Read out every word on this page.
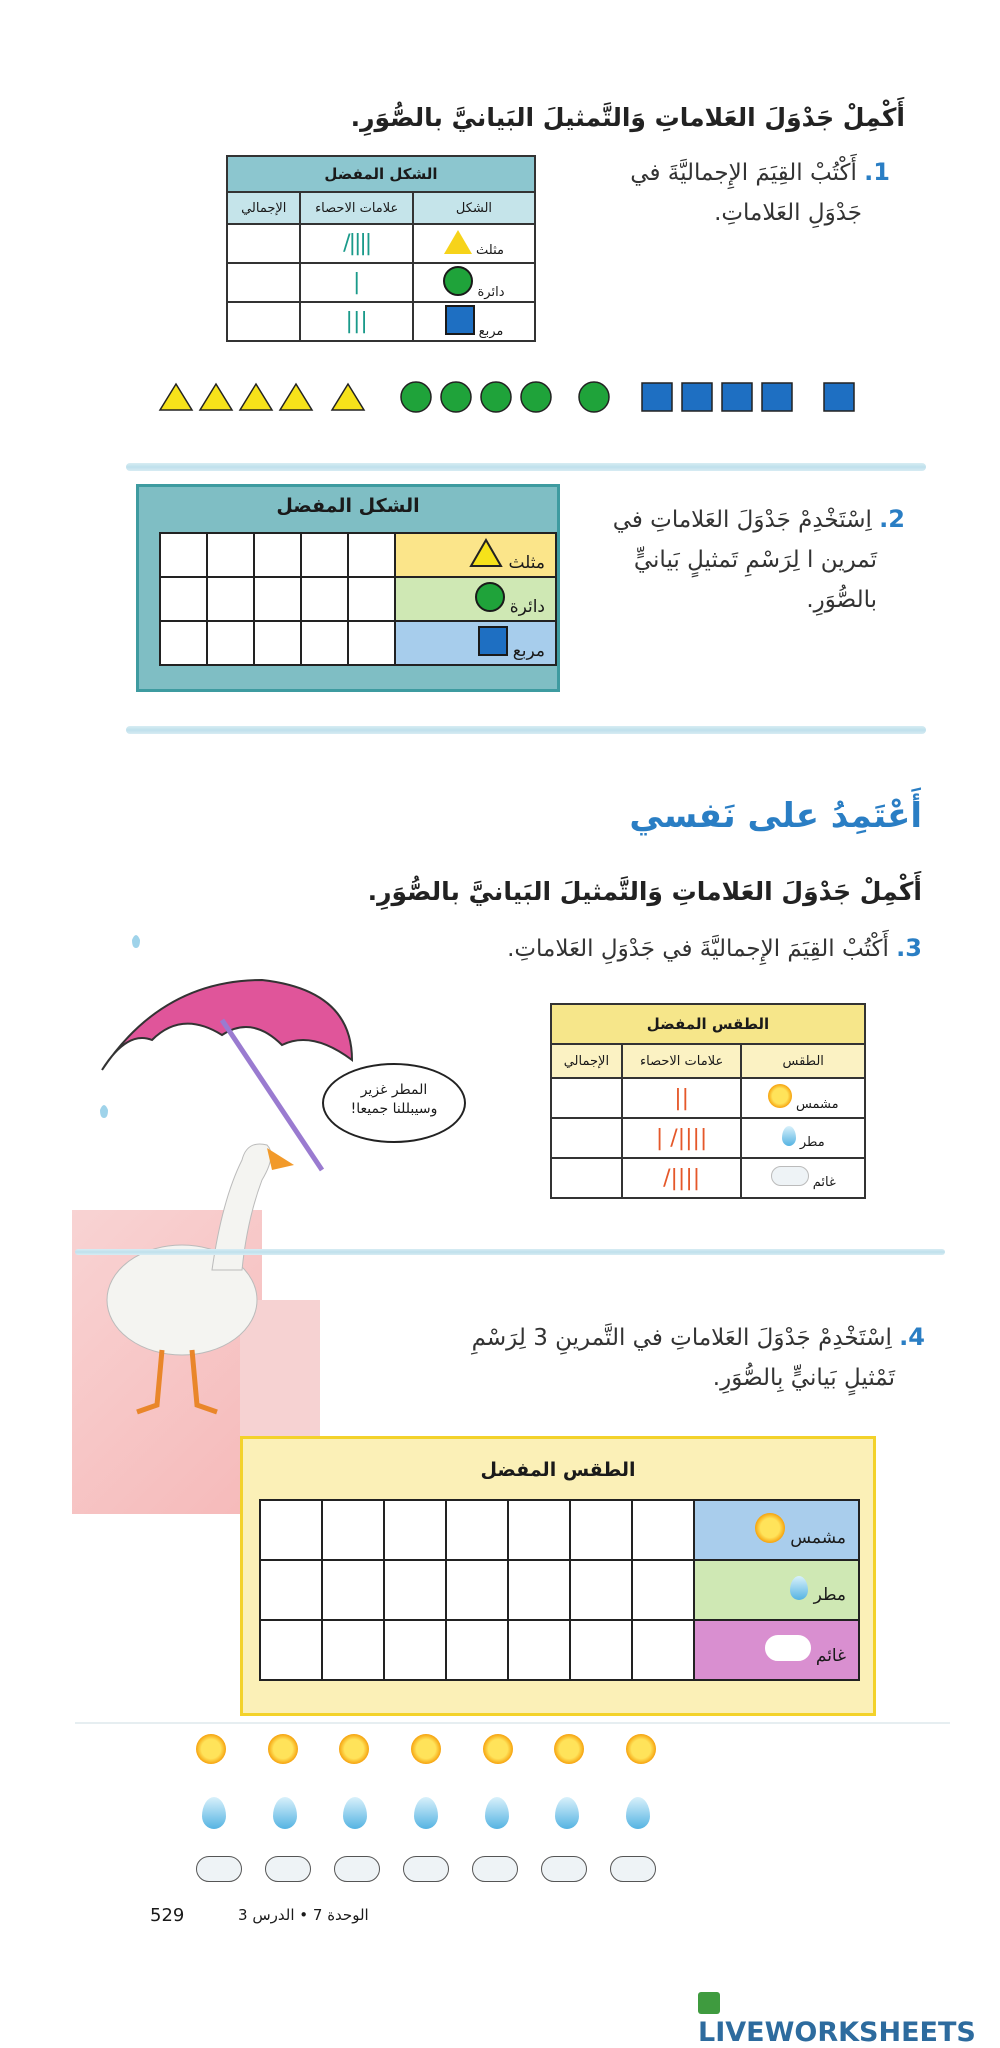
أَكْمِلْ جَدْوَلَ العَلاماتِ وَالتَّمثيلَ البَيانيَّ بالصُّوَرِ.
1. أَكْتُبْ القِيَمَ الإِجماليَّةَ في
جَدْوَلِ العَلاماتِ.
الشكل المفضل		
الشكل	علامات الاحصاء	الإجمالي
مثلث	||||/	
دائرة	|	
مربع	|||	
2. اِسْتَخْدِمْ جَدْوَلَ العَلاماتِ في
تَمرين ا لِرَسْمِ تَمثيلٍ بَيانيٍّ
بالصُّوَرِ.
الشكل المفضل
					مثلث
					دائرة
					مربع
أَعْتَمِدُ على نَفسي
أَكْمِلْ جَدْوَلَ العَلاماتِ وَالتَّمثيلَ البَيانيَّ بالصُّوَرِ.
3. أَكْتُبْ القِيَمَ الإِجماليَّةَ في جَدْوَلِ العَلاماتِ.
المطر غزير وسيبللنا جميعا!
الطقس المفضل		
الطقس	علامات الاحصاء	الإجمالي
مشمس	||	
مطر	||||/ |	
غائم	||||/	
4. اِسْتَخْدِمْ جَدْوَلَ العَلاماتِ في التَّمرينِ 3 لِرَسْمِ
تَمْثيلٍ بَيانيٍّ بِالصُّوَرِ.
الطقس المفضل
							مشمس
							مطر
							غائم
529	الوحدة 7 • الدرس 3
LIVEWORKSHEETS
